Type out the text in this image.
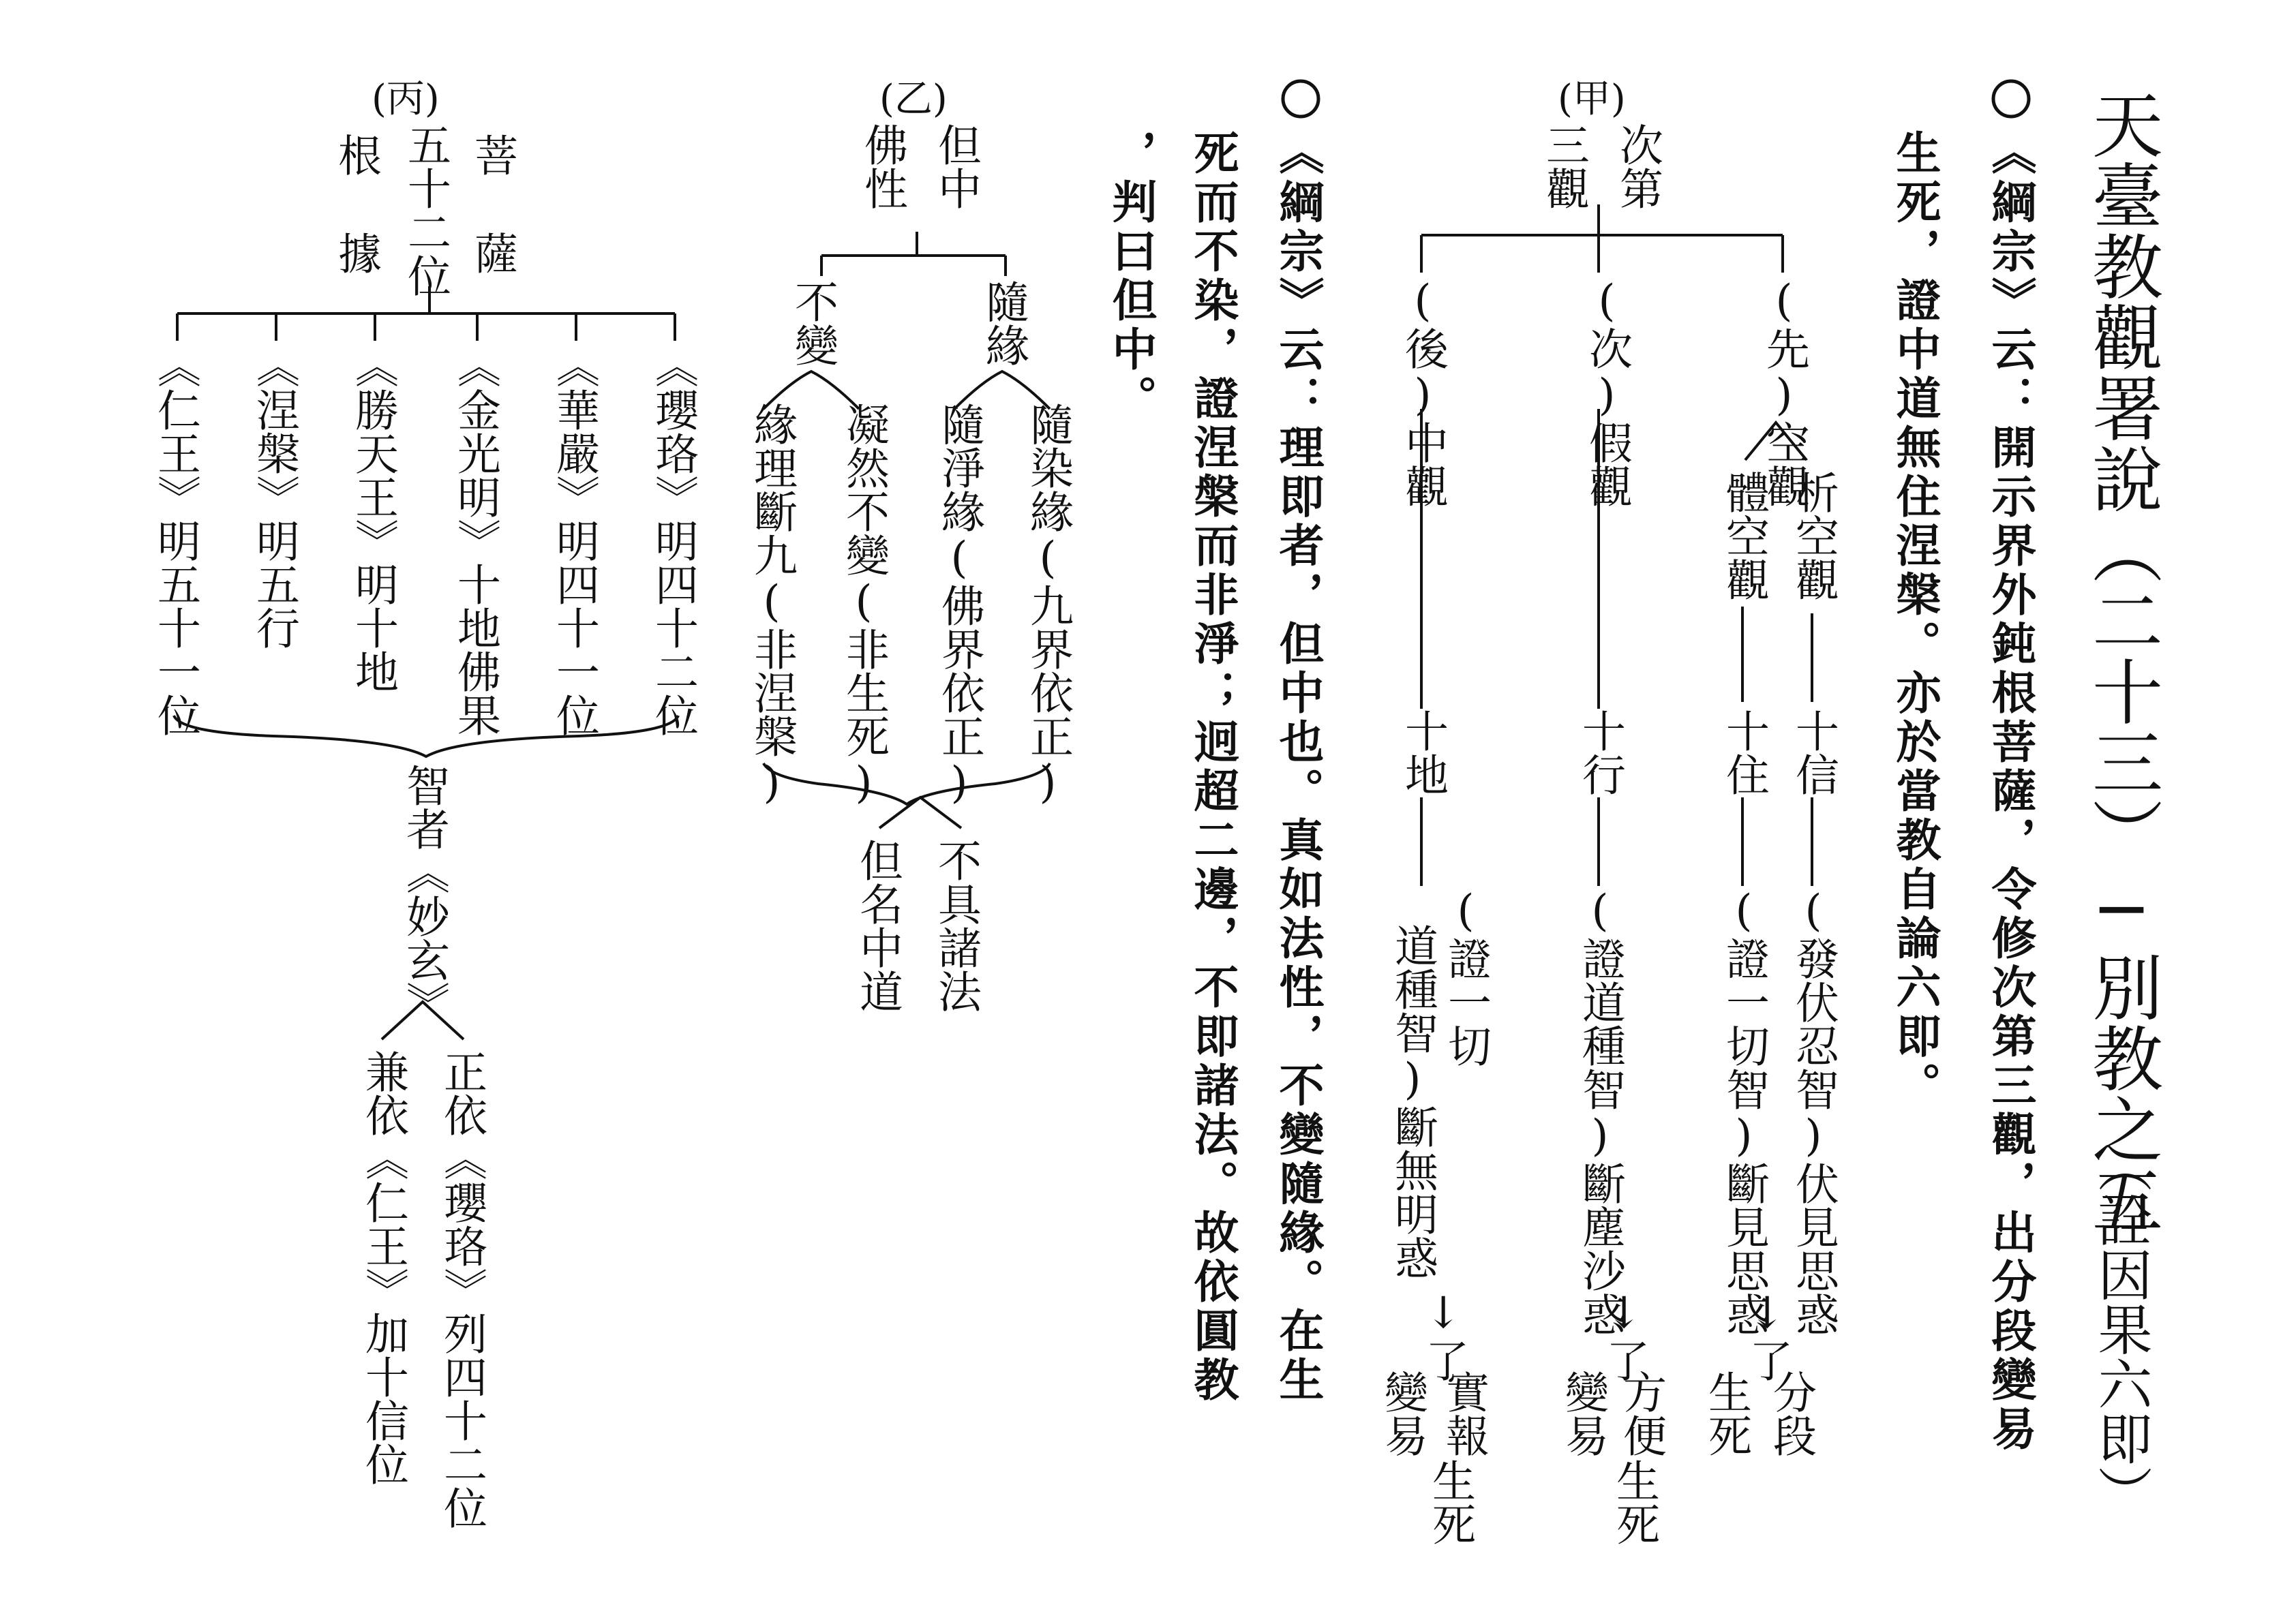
天臺教觀署說（二十三）─別教之五
（詮因果六即）
《綱宗》云：開示界外鈍根菩薩，令修次第三觀，出分段變易
生死，證中道無住涅槃。亦於當教自論六即。
(甲)
次第
三觀
(先)空觀
(次)假觀
(後)中觀
析空觀
體空觀
十信
十住
十行
十地
(發伏忍智)伏見思惑
(證一切智)斷見思惑
(證道種智)斷塵沙惑
(證一切
道種智)斷無明惑
↓了
↓了
↓了
分段
生死
方便
變易
生死
實報
變易
生死
《綱宗》云：理即者，但中也。真如法性，不變隨緣。在生
死而不染，證涅槃而非淨；迥超二邊，不即諸法。故依圓教
，判曰但中。
(乙)
但中
佛性
隨緣
不變
隨染緣(九界依正)
隨淨緣(佛界依正)
凝然不變(非生死)
緣理斷九(非涅槃)
不具諸法
但名中道
(丙)
菩薩
五十二位
根據
《瓔珞》明四十二位
《華嚴》明四十一位
《金光明》十地佛果
《勝天王》明十地
《涅槃》明五行
《仁王》明五十一位
智者《妙玄》
正依《瓔珞》列四十二位
兼依《仁王》加十信位
